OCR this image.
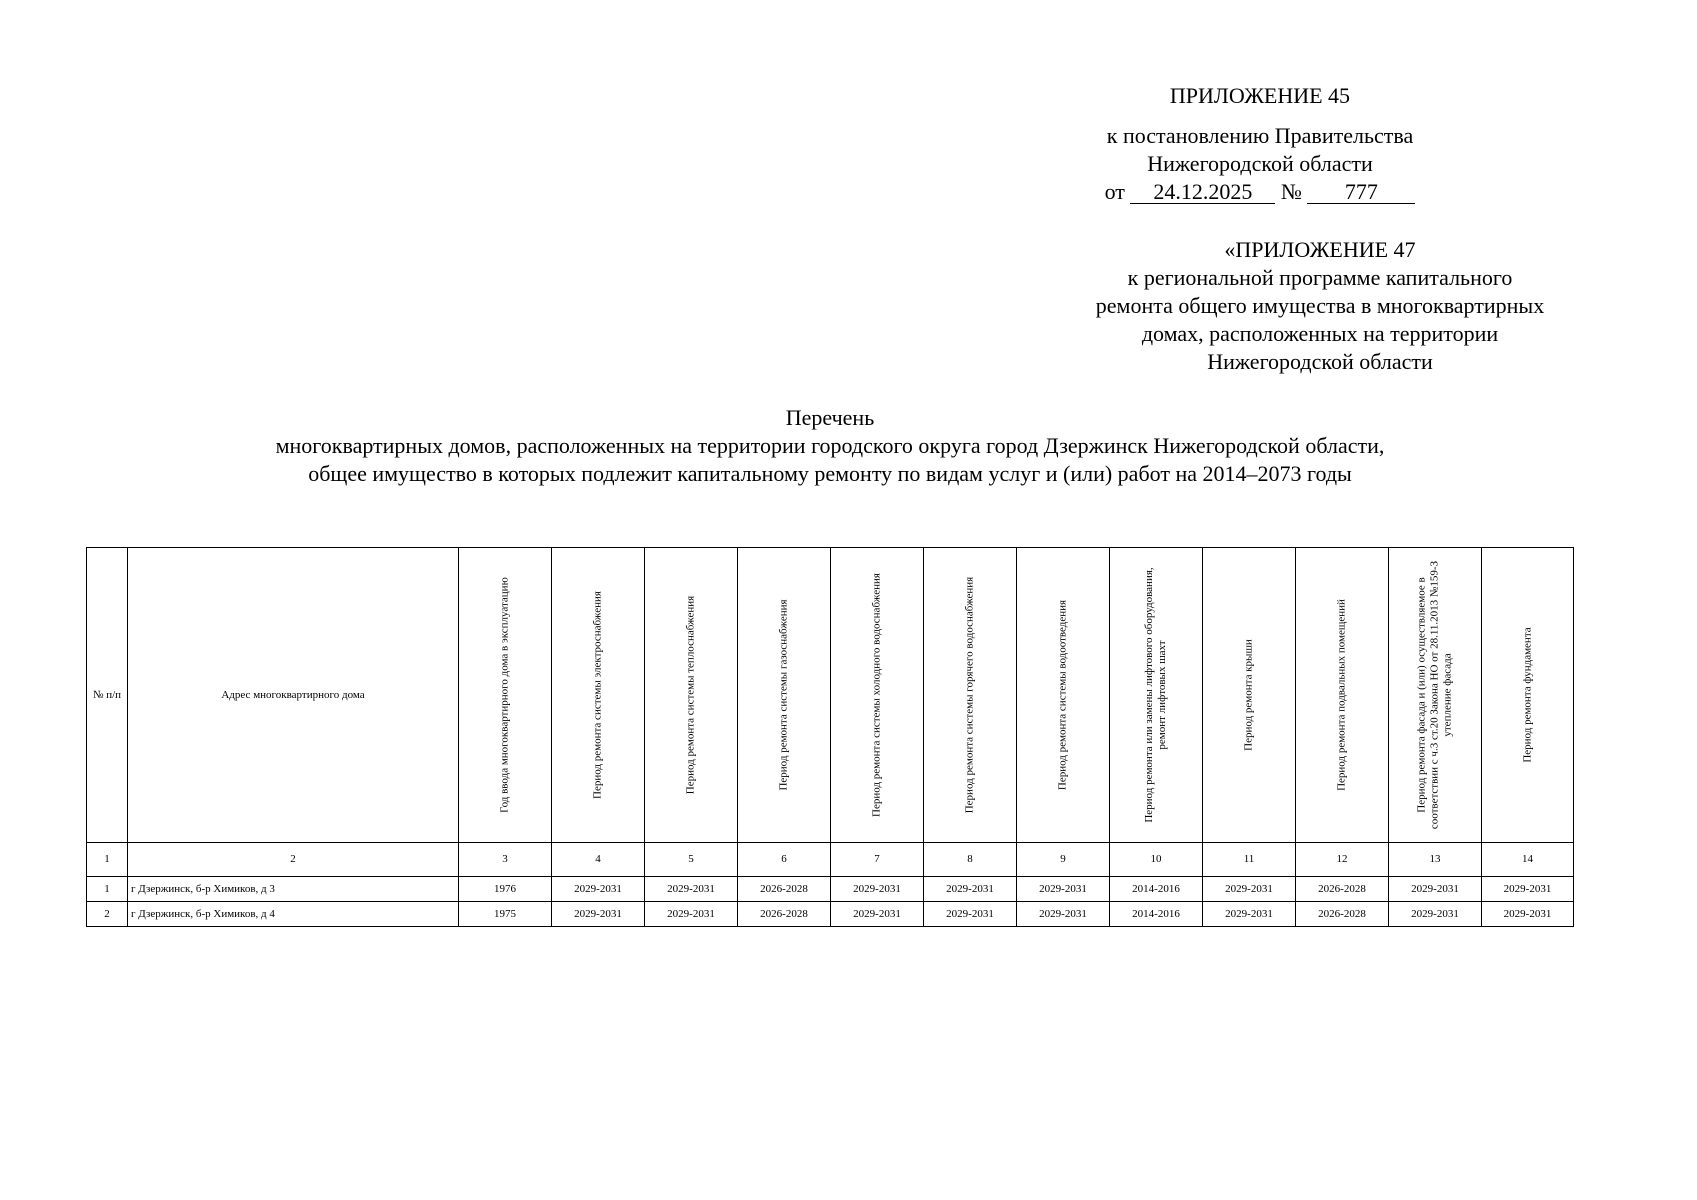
ПРИЛОЖЕНИЕ 45
к постановлению Правительства
Нижегородской области
от 24.12.2025 № 777
«ПРИЛОЖЕНИЕ 47
к региональной программе капитального
ремонта общего имущества в многоквартирных
домах, расположенных на территории
Нижегородской области
Перечень
многоквартирных домов, расположенных на территории городского округа город Дзержинск Нижегородской области,
общее имущество в которых подлежит капитальному ремонту по видам услуг и (или) работ на 2014–2073 годы
№ п/п	Адрес многоквартирного дома	Год ввода многоквартирного дома в эксплуатацию	Период ремонта системы электроснабжения	Период ремонта системы теплоснабжения	Период ремонта системы газоснабжения	Период ремонта системы холодного водоснабжения	Период ремонта системы горячего водоснабжения	Период ремонта системы водоотведения	Период ремонта или замены лифтового оборудования, ремонт лифтовых шахт	Период ремонта крыши	Период ремонта подвальных помещений	Период ремонта фасада и (или) осуществляемое в соответствии с ч.3 ст.20 Закона НО от 28.11.2013 №159-З утепление фасада	Период ремонта фундамента

1	2	3	4	5	6	7	8	9	10	11	12	13	14
1	г Дзержинск, б-р Химиков, д 3	1976	2029-2031	2029-2031	2026-2028	2029-2031	2029-2031	2029-2031	2014-2016	2029-2031	2026-2028	2029-2031	2029-2031
2	г Дзержинск, б-р Химиков, д 4	1975	2029-2031	2029-2031	2026-2028	2029-2031	2029-2031	2029-2031	2014-2016	2029-2031	2026-2028	2029-2031	2029-2031
